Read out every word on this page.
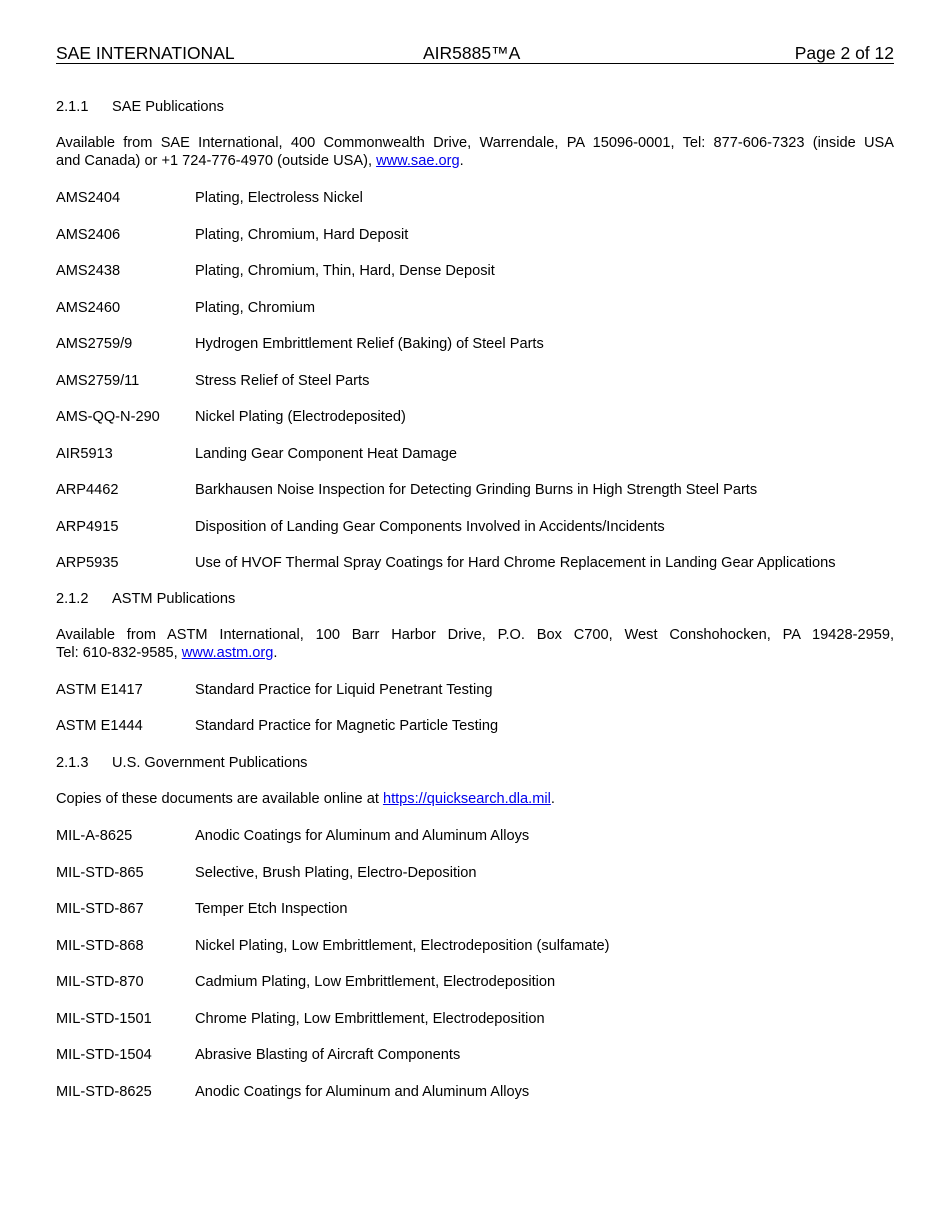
SAE INTERNATIONAL	AIR5885™A	Page 2 of 12
2.1.1 SAE Publications
Available from SAE International, 400 Commonwealth Drive, Warrendale, PA 15096-0001, Tel: 877-606-7323 (inside USA
and Canada) or +1 724-776-4970 (outside USA), www.sae.org.
AMS2404	Plating, Electroless Nickel
AMS2406	Plating, Chromium, Hard Deposit
AMS2438	Plating, Chromium, Thin, Hard, Dense Deposit
AMS2460	Plating, Chromium
AMS2759/9	Hydrogen Embrittlement Relief (Baking) of Steel Parts
AMS2759/11	Stress Relief of Steel Parts
AMS-QQ-N-290 Nickel Plating (Electrodeposited)
AIR5913	Landing Gear Component Heat Damage
ARP4462	Barkhausen Noise Inspection for Detecting Grinding Burns in High Strength Steel Parts
ARP4915	Disposition of Landing Gear Components Involved in Accidents/Incidents
ARP5935	Use of HVOF Thermal Spray Coatings for Hard Chrome Replacement in Landing Gear Applications
2.1.2 ASTM Publications
Available from ASTM International, 100 Barr Harbor Drive, P.O. Box C700, West Conshohocken, PA 19428-2959,
Tel: 610-832-9585, www.astm.org.
ASTM E1417	Standard Practice for Liquid Penetrant Testing
ASTM E1444	Standard Practice for Magnetic Particle Testing
2.1.3 U.S. Government Publications
Copies of these documents are available online at https://quicksearch.dla.mil.
MIL-A-8625	Anodic Coatings for Aluminum and Aluminum Alloys
MIL-STD-865	Selective, Brush Plating, Electro-Deposition
MIL-STD-867	Temper Etch Inspection
MIL-STD-868	Nickel Plating, Low Embrittlement, Electrodeposition (sulfamate)
MIL-STD-870	Cadmium Plating, Low Embrittlement, Electrodeposition
MIL-STD-1501	Chrome Plating, Low Embrittlement, Electrodeposition
MIL-STD-1504	Abrasive Blasting of Aircraft Components
MIL-STD-8625	Anodic Coatings for Aluminum and Aluminum Alloys
